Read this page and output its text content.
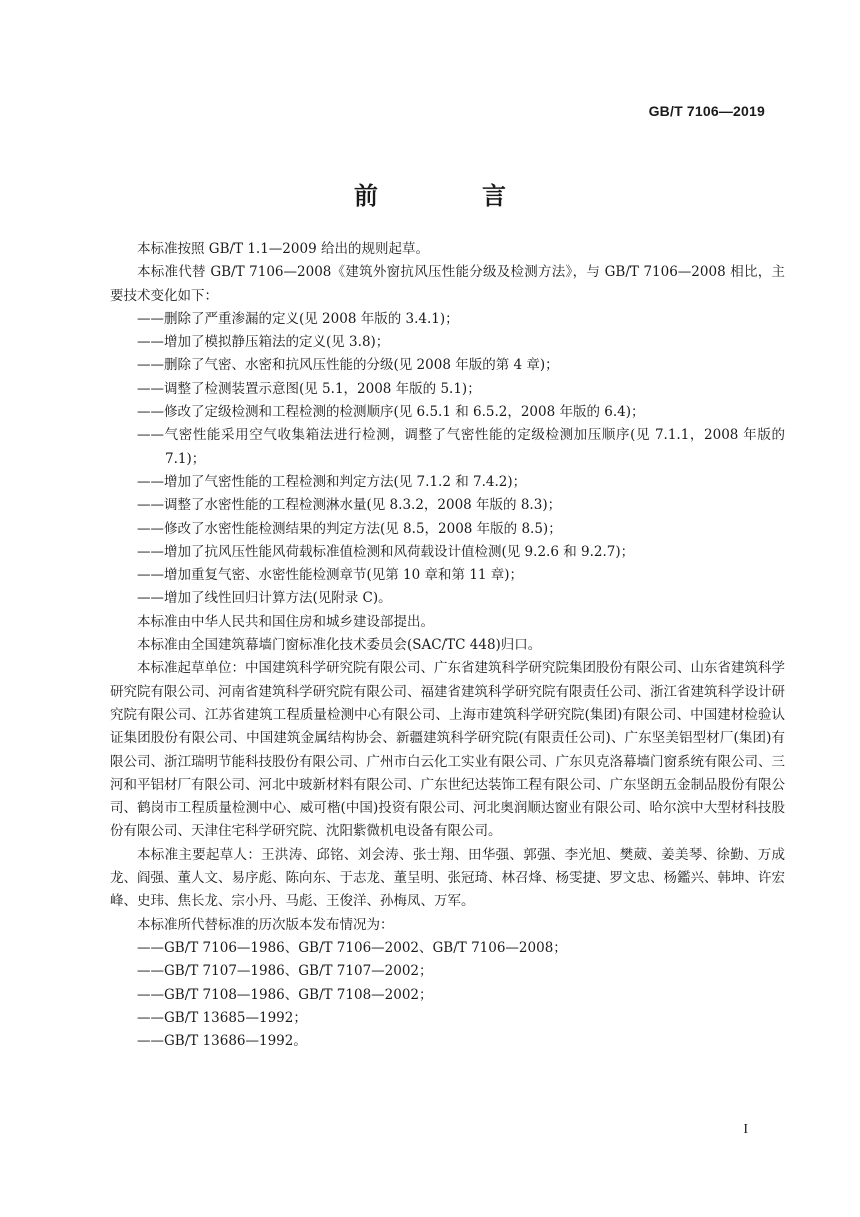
GB/T 7106—2019
前　言

本标准按照 GB/T 1.1—2009 给出的规则起草。

本标准代替 GB/T 7106—2008《建筑外窗抗风压性能分级及检测方法》，与 GB/T 7106—2008 相比，主要技术变化如下：

——删除了严重渗漏的定义(见 2008 年版的 3.4.1)；

——增加了模拟静压箱法的定义(见 3.8)；

——删除了气密、水密和抗风压性能的分级(见 2008 年版的第 4 章)；

——调整了检测装置示意图(见 5.1，2008 年版的 5.1)；

——修改了定级检测和工程检测的检测顺序(见 6.5.1 和 6.5.2，2008 年版的 6.4)；

——气密性能采用空气收集箱法进行检测，调整了气密性能的定级检测加压顺序(见 7.1.1，2008 年版的 7.1)；

——增加了气密性能的工程检测和判定方法(见 7.1.2 和 7.4.2)；

——调整了水密性能的工程检测淋水量(见 8.3.2，2008 年版的 8.3)；

——修改了水密性能检测结果的判定方法(见 8.5，2008 年版的 8.5)；

——增加了抗风压性能风荷载标准值检测和风荷载设计值检测(见 9.2.6 和 9.2.7)；

——增加重复气密、水密性能检测章节(见第 10 章和第 11 章)；

——增加了线性回归计算方法(见附录 C)。

本标准由中华人民共和国住房和城乡建设部提出。

本标准由全国建筑幕墙门窗标准化技术委员会(SAC/TC 448)归口。

本标准起草单位：中国建筑科学研究院有限公司、广东省建筑科学研究院集团股份有限公司、山东省建筑科学研究院有限公司、河南省建筑科学研究院有限公司、福建省建筑科学研究院有限责任公司、浙江省建筑科学设计研究院有限公司、江苏省建筑工程质量检测中心有限公司、上海市建筑科学研究院(集团)有限公司、中国建材检验认证集团股份有限公司、中国建筑金属结构协会、新疆建筑科学研究院(有限责任公司)、广东坚美铝型材厂(集团)有限公司、浙江瑞明节能科技股份有限公司、广州市白云化工实业有限公司、广东贝克洛幕墙门窗系统有限公司、三河和平铝材厂有限公司、河北中玻新材料有限公司、广东世纪达装饰工程有限公司、广东坚朗五金制品股份有限公司、鹤岗市工程质量检测中心、威可楷(中国)投资有限公司、河北奥润顺达窗业有限公司、哈尔滨中大型材科技股份有限公司、天津住宅科学研究院、沈阳紫微机电设备有限公司。

本标准主要起草人：王洪涛、邱铭、刘会涛、张士翔、田华强、郭强、李光旭、樊葳、姜美琴、徐勤、万成龙、阎强、董人文、易序彪、陈向东、于志龙、董呈明、张冠琦、林召烽、杨雯捷、罗文忠、杨鑑兴、韩坤、许宏峰、史玮、焦长龙、宗小丹、马彪、王俊洋、孙梅凤、万军。

本标准所代替标准的历次版本发布情况为：

——GB/T 7106—1986、GB/T 7106—2002、GB/T 7106—2008；

——GB/T 7107—1986、GB/T 7107—2002；

——GB/T 7108—1986、GB/T 7108—2002；

——GB/T 13685—1992；

——GB/T 13686—1992。

I
